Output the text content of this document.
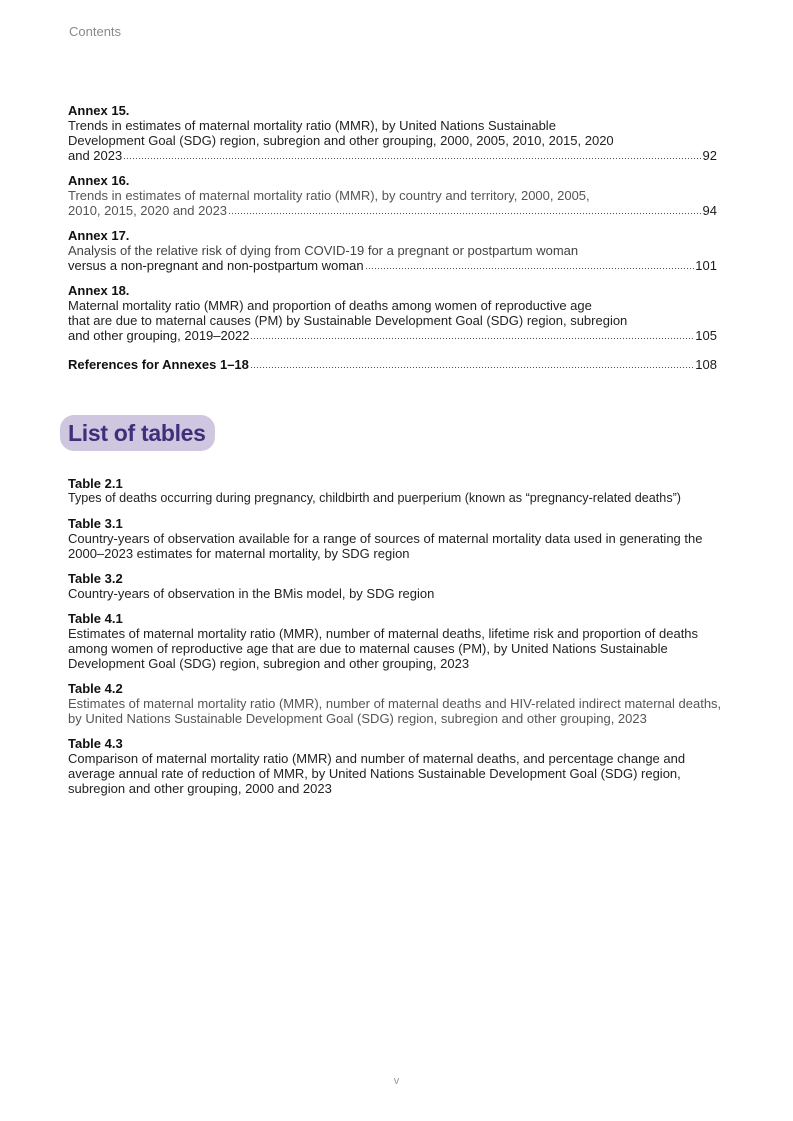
Contents
Annex 15.
Trends in estimates of maternal mortality ratio (MMR), by United Nations Sustainable
Development Goal (SDG) region, subregion and other grouping, 2000, 2005, 2010, 2015, 2020
and 2023	92
Annex 16.
Trends in estimates of maternal mortality ratio (MMR), by country and territory, 2000, 2005,
2010, 2015, 2020 and 2023	94
Annex 17.
Analysis of the relative risk of dying from COVID-19 for a pregnant or postpartum woman
versus a non-pregnant and non-postpartum woman	101
Annex 18.
Maternal mortality ratio (MMR) and proportion of deaths among women of reproductive age
that are due to maternal causes (PM) by Sustainable Development Goal (SDG) region, subregion
and other grouping, 2019–2022	105
References for Annexes 1–18	108
List of tables
Table 2.1
Types of deaths occurring during pregnancy, childbirth and puerperium (known as “pregnancy-related deaths”)
Table 3.1
Country-years of observation available for a range of sources of maternal mortality data used in generating the 2000–2023 estimates for maternal mortality, by SDG region
Table 3.2
Country-years of observation in the BMis model, by SDG region
Table 4.1
Estimates of maternal mortality ratio (MMR), number of maternal deaths, lifetime risk and proportion of deaths among women of reproductive age that are due to maternal causes (PM), by United Nations Sustainable Development Goal (SDG) region, subregion and other grouping, 2023
Table 4.2
Estimates of maternal mortality ratio (MMR), number of maternal deaths and HIV-related indirect maternal deaths, by United Nations Sustainable Development Goal (SDG) region, subregion and other grouping, 2023
Table 4.3
Comparison of maternal mortality ratio (MMR) and number of maternal deaths, and percentage change and average annual rate of reduction of MMR, by United Nations Sustainable Development Goal (SDG) region, subregion and other grouping, 2000 and 2023
v
